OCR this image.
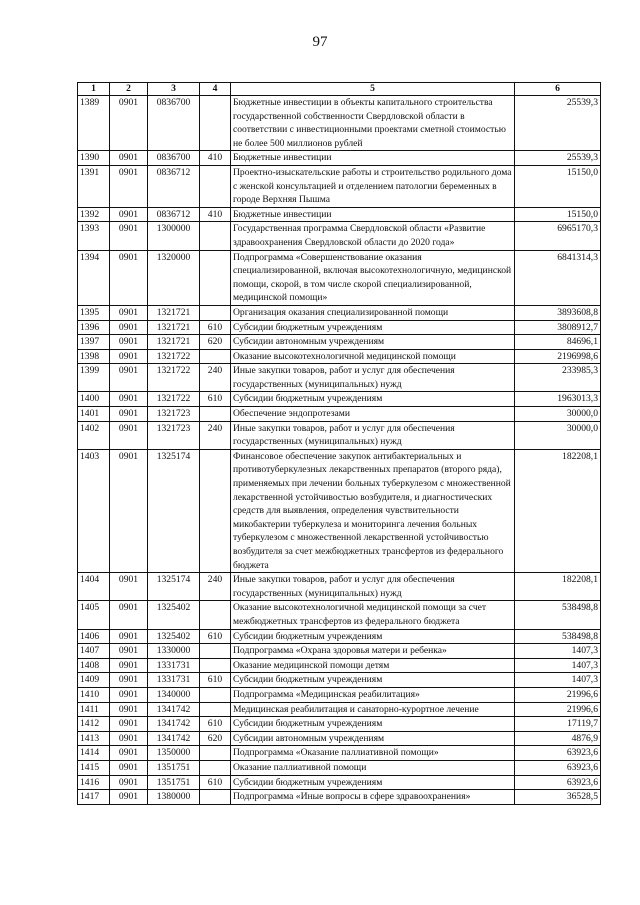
97
1	2	3	4	5	6
1389	0901	0836700		Бюджетные инвестиции в объекты капитального строительства государственной собственности Свердловской области в соответствии с инвестиционными проектами сметной стоимостью не более 500 миллионов рублей	25539,3
1390	0901	0836700	410	Бюджетные инвестиции	25539,3
1391	0901	0836712		Проектно-изыскательские работы и строительство родильного дома с женской консультацией и отделением патологии беременных в городе Верхняя Пышма	15150,0
1392	0901	0836712	410	Бюджетные инвестиции	15150,0
1393	0901	1300000		Государственная программа Свердловской области «Развитие здравоохранения Свердловской области до 2020 года»	6965170,3
1394	0901	1320000		Подпрограмма «Совершенствование оказания специализированной, включая высокотехнологичную, медицинской помощи, скорой, в том числе скорой специализированной, медицинской помощи»	6841314,3
1395	0901	1321721		Организация оказания специализированной помощи	3893608,8
1396	0901	1321721	610	Субсидии бюджетным учреждениям	3808912,7
1397	0901	1321721	620	Субсидии автономным учреждениям	84696,1
1398	0901	1321722		Оказание высокотехнологичной медицинской помощи	2196998,6
1399	0901	1321722	240	Иные закупки товаров, работ и услуг для обеспечения государственных (муниципальных) нужд	233985,3
1400	0901	1321722	610	Субсидии бюджетным учреждениям	1963013,3
1401	0901	1321723		Обеспечение эндопротезами	30000,0
1402	0901	1321723	240	Иные закупки товаров, работ и услуг для обеспечения государственных (муниципальных) нужд	30000,0
1403	0901	1325174		Финансовое обеспечение закупок антибактериальных и противотуберкулезных лекарственных препаратов (второго ряда), применяемых при лечении больных туберкулезом с множественной лекарственной устойчивостью возбудителя, и диагностических средств для выявления, определения чувствительности микобактерии туберкулеза и мониторинга лечения больных туберкулезом с множественной лекарственной устойчивостью возбудителя за счет межбюджетных трансфертов из федерального бюджета	182208,1
1404	0901	1325174	240	Иные закупки товаров, работ и услуг для обеспечения государственных (муниципальных) нужд	182208,1
1405	0901	1325402		Оказание высокотехнологичной медицинской помощи за счет межбюджетных трансфертов из федерального бюджета	538498,8
1406	0901	1325402	610	Субсидии бюджетным учреждениям	538498,8
1407	0901	1330000		Подпрограмма «Охрана здоровья матери и ребенка»	1407,3
1408	0901	1331731		Оказание медицинской помощи детям	1407,3
1409	0901	1331731	610	Субсидии бюджетным учреждениям	1407,3
1410	0901	1340000		Подпрограмма «Медицинская реабилитация»	21996,6
1411	0901	1341742		Медицинская реабилитация и санаторно-курортное лечение	21996,6
1412	0901	1341742	610	Субсидии бюджетным учреждениям	17119,7
1413	0901	1341742	620	Субсидии автономным учреждениям	4876,9
1414	0901	1350000		Подпрограмма «Оказание паллиативной помощи»	63923,6
1415	0901	1351751		Оказание паллиативной помощи	63923,6
1416	0901	1351751	610	Субсидии бюджетным учреждениям	63923,6
1417	0901	1380000		Подпрограмма «Иные вопросы в сфере здравоохранения»	36528,5
